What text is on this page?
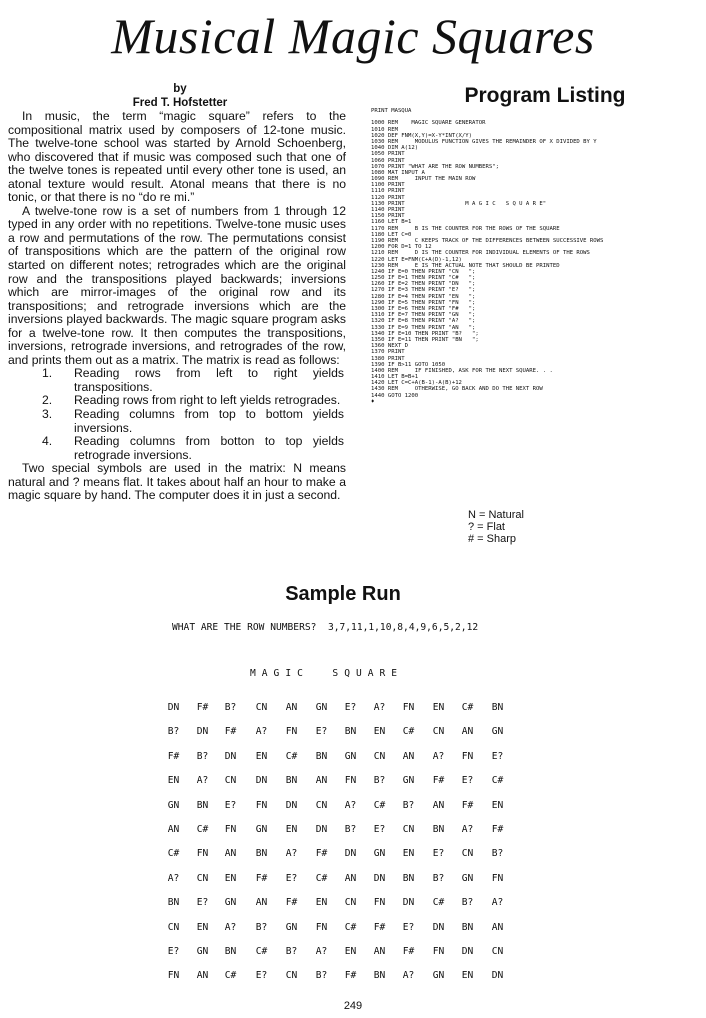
Musical Magic Squares
by
Fred T. Hofstetter

In music, the term “magic square” refers to the compositional matrix used by composers of 12-tone music. The twelve-tone school was started by Arnold Schoenberg, who discovered that if music was composed such that one of the twelve tones is repeated until every other tone is used, an atonal texture would result. Atonal means that there is no tonic, or that there is no “do re mi.”

A twelve-tone row is a set of numbers from 1 through 12 typed in any order with no repetitions. Twelve-tone music uses a row and permutations of the row. The permutations consist of transpositions which are the pattern of the original row started on different notes; retrogrades which are the original row and the transpositions played backwards; inversions which are mirror-images of the original row and its transpositions; and retrograde inversions which are the inversions played backwards. The magic square program asks for a twelve-tone row. It then computes the transpositions, inversions, retrograde inversions, and retrogrades of the row, and prints them out as a matrix. The matrix is read as follows:

1. Reading rows from left to right yields transpositions.
2. Reading rows from right to left yields retrogrades.
3. Reading columns from top to bottom yields inversions.
4. Reading columns from botton to top yields retrograde inversions.

Two special symbols are used in the matrix: N means natural and ? means flat. It takes about half an hour to make a magic square by hand. The computer does it in just a second.

Program Listing
PRINT MASQUA

1000 REM    MAGIC SQUARE GENERATOR
1010 REM
1020 DEF FNM(X,Y)=X-Y*INT(X/Y)
1030 REM     MODULUS FUNCTION GIVES THE REMAINDER OF X DIVIDED BY Y
1040 DIM A(12)
1050 PRINT
1060 PRINT
1070 PRINT "WHAT ARE THE ROW NUMBERS";
1080 MAT INPUT A
1090 REM     INPUT THE MAIN ROW
1100 PRINT
1110 PRINT
1120 PRINT
1130 PRINT                  M A G I C   S Q U A R E"
1140 PRINT
1150 PRINT
1160 LET B=1
1170 REM     B IS THE COUNTER FOR THE ROWS OF THE SQUARE
1180 LET C=0
1190 REM     C KEEPS TRACK OF THE DIFFERENCES BETWEEN SUCCESSIVE ROWS
1200 FOR D=1 TO 12
1210 REM     D IS THE COUNTER FOR INDIVIDUAL ELEMENTS OF THE ROWS
1220 LET E=FNM(C+A(D)-1,12)
1230 REM     E IS THE ACTUAL NOTE THAT SHOULD BE PRINTED
1240 IF E=0 THEN PRINT "CN   ";
1250 IF E=1 THEN PRINT "C#   ";
1260 IF E=2 THEN PRINT "DN   ";
1270 IF E=3 THEN PRINT "E?   ";
1280 IF E=4 THEN PRINT "EN   ";
1290 IF E=5 THEN PRINT "FN   ";
1300 IF E=6 THEN PRINT "F#   ";
1310 IF E=7 THEN PRINT "GN   ";
1320 IF E=8 THEN PRINT "A?   ";
1330 IF E=9 THEN PRINT "AN   ";
1340 IF E=10 THEN PRINT "B?   ";
1350 IF E=11 THEN PRINT "BN   ";
1360 NEXT D
1370 PRINT
1380 PRINT
1390 IF B>11 GOTO 1050
1400 REM     IF FINISHED, ASK FOR THE NEXT SQUARE. . .
1410 LET B=B+1
1420 LET C=C+A(B-1)-A(B)+12
1430 REM     OTHERWISE, GO BACK AND DO THE NEXT ROW
1440 GOTO 1200
♦
N = Natural
? = Flat
# = Sharp
Sample Run
WHAT ARE THE ROW NUMBERS?  3,7,11,1,10,8,4,9,6,5,2,12
MAGIC  SQUARE
DN	F#	B?	CN	AN	GN	E?	A?	FN	EN	C#	BN
B?	DN	F#	A?	FN	E?	BN	EN	C#	CN	AN	GN
F#	B?	DN	EN	C#	BN	GN	CN	AN	A?	FN	E?
EN	A?	CN	DN	BN	AN	FN	B?	GN	F#	E?	C#
GN	BN	E?	FN	DN	CN	A?	C#	B?	AN	F#	EN
AN	C#	FN	GN	EN	DN	B?	E?	CN	BN	A?	F#
C#	FN	AN	BN	A?	F#	DN	GN	EN	E?	CN	B?
A?	CN	EN	F#	E?	C#	AN	DN	BN	B?	GN	FN
BN	E?	GN	AN	F#	EN	CN	FN	DN	C#	B?	A?
CN	EN	A?	B?	GN	FN	C#	F#	E?	DN	BN	AN
E?	GN	BN	C#	B?	A?	EN	AN	F#	FN	DN	CN
FN	AN	C#	E?	CN	B?	F#	BN	A?	GN	EN	DN
249
